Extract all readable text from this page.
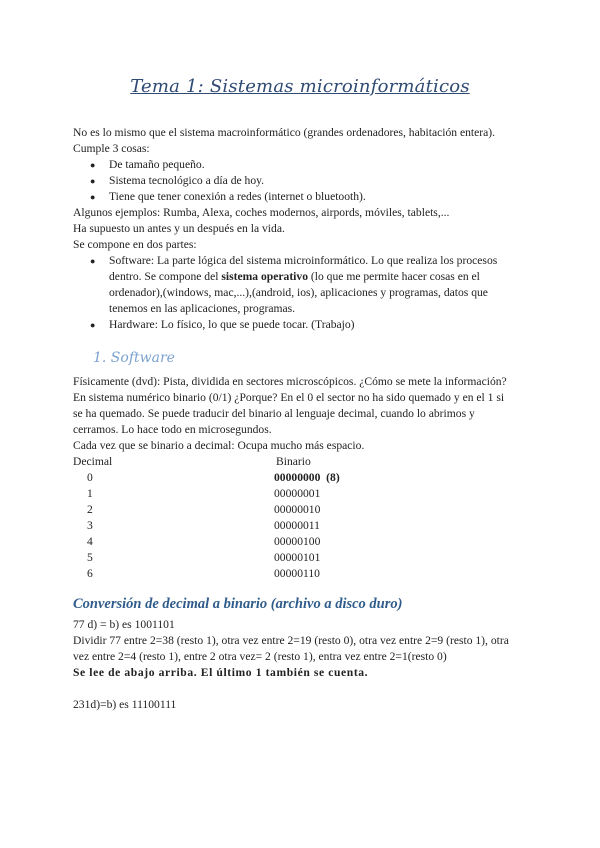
Tema 1: Sistemas microinformáticos
No es lo mismo que el sistema macroinformático (grandes ordenadores, habitación entera).
Cumple 3 cosas:
● De tamaño pequeño.
● Sistema tecnológico a día de hoy.
● Tiene que tener conexión a redes (internet o bluetooth).
Algunos ejemplos: Rumba, Alexa, coches modernos, airpords, móviles, tablets,...
Ha supuesto un antes y un después en la vida.
Se compone en dos partes:
● Software: La parte lógica del sistema microinformático. Lo que realiza los procesos
dentro. Se compone del sistema operativo (lo que me permite hacer cosas en el
ordenador),(windows, mac,...),(android, ios), aplicaciones y programas, datos que
tenemos en las aplicaciones, programas.
● Hardware: Lo físico, lo que se puede tocar. (Trabajo)
1. Software
Físicamente (dvd): Pista, dividida en sectores microscópicos. ¿Cómo se mete la información?
En sistema numérico binario (0/1) ¿Porque? En el 0 el sector no ha sido quemado y en el 1 si
se ha quemado. Se puede traducir del binario al lenguaje decimal, cuando lo abrimos y
cerramos. Lo hace todo en microsegundos.
Cada vez que se binario a decimal: Ocupa mucho más espacio.
Decimal	Binario
0
1
2
3
4
5
6
00000000  (8)
00000001
00000010
00000011
00000100
00000101
00000110
Conversión de decimal a binario (archivo a disco duro)
77 d) = b) es 1001101
Dividir 77 entre 2=38 (resto 1), otra vez entre 2=19 (resto 0), otra vez entre 2=9 (resto 1), otra
vez entre 2=4 (resto 1), entre 2 otra vez= 2 (resto 1), entra vez entre 2=1(resto 0)
Se lee de abajo arriba. El último 1 también se cuenta.
231d)=b) es 11100111
